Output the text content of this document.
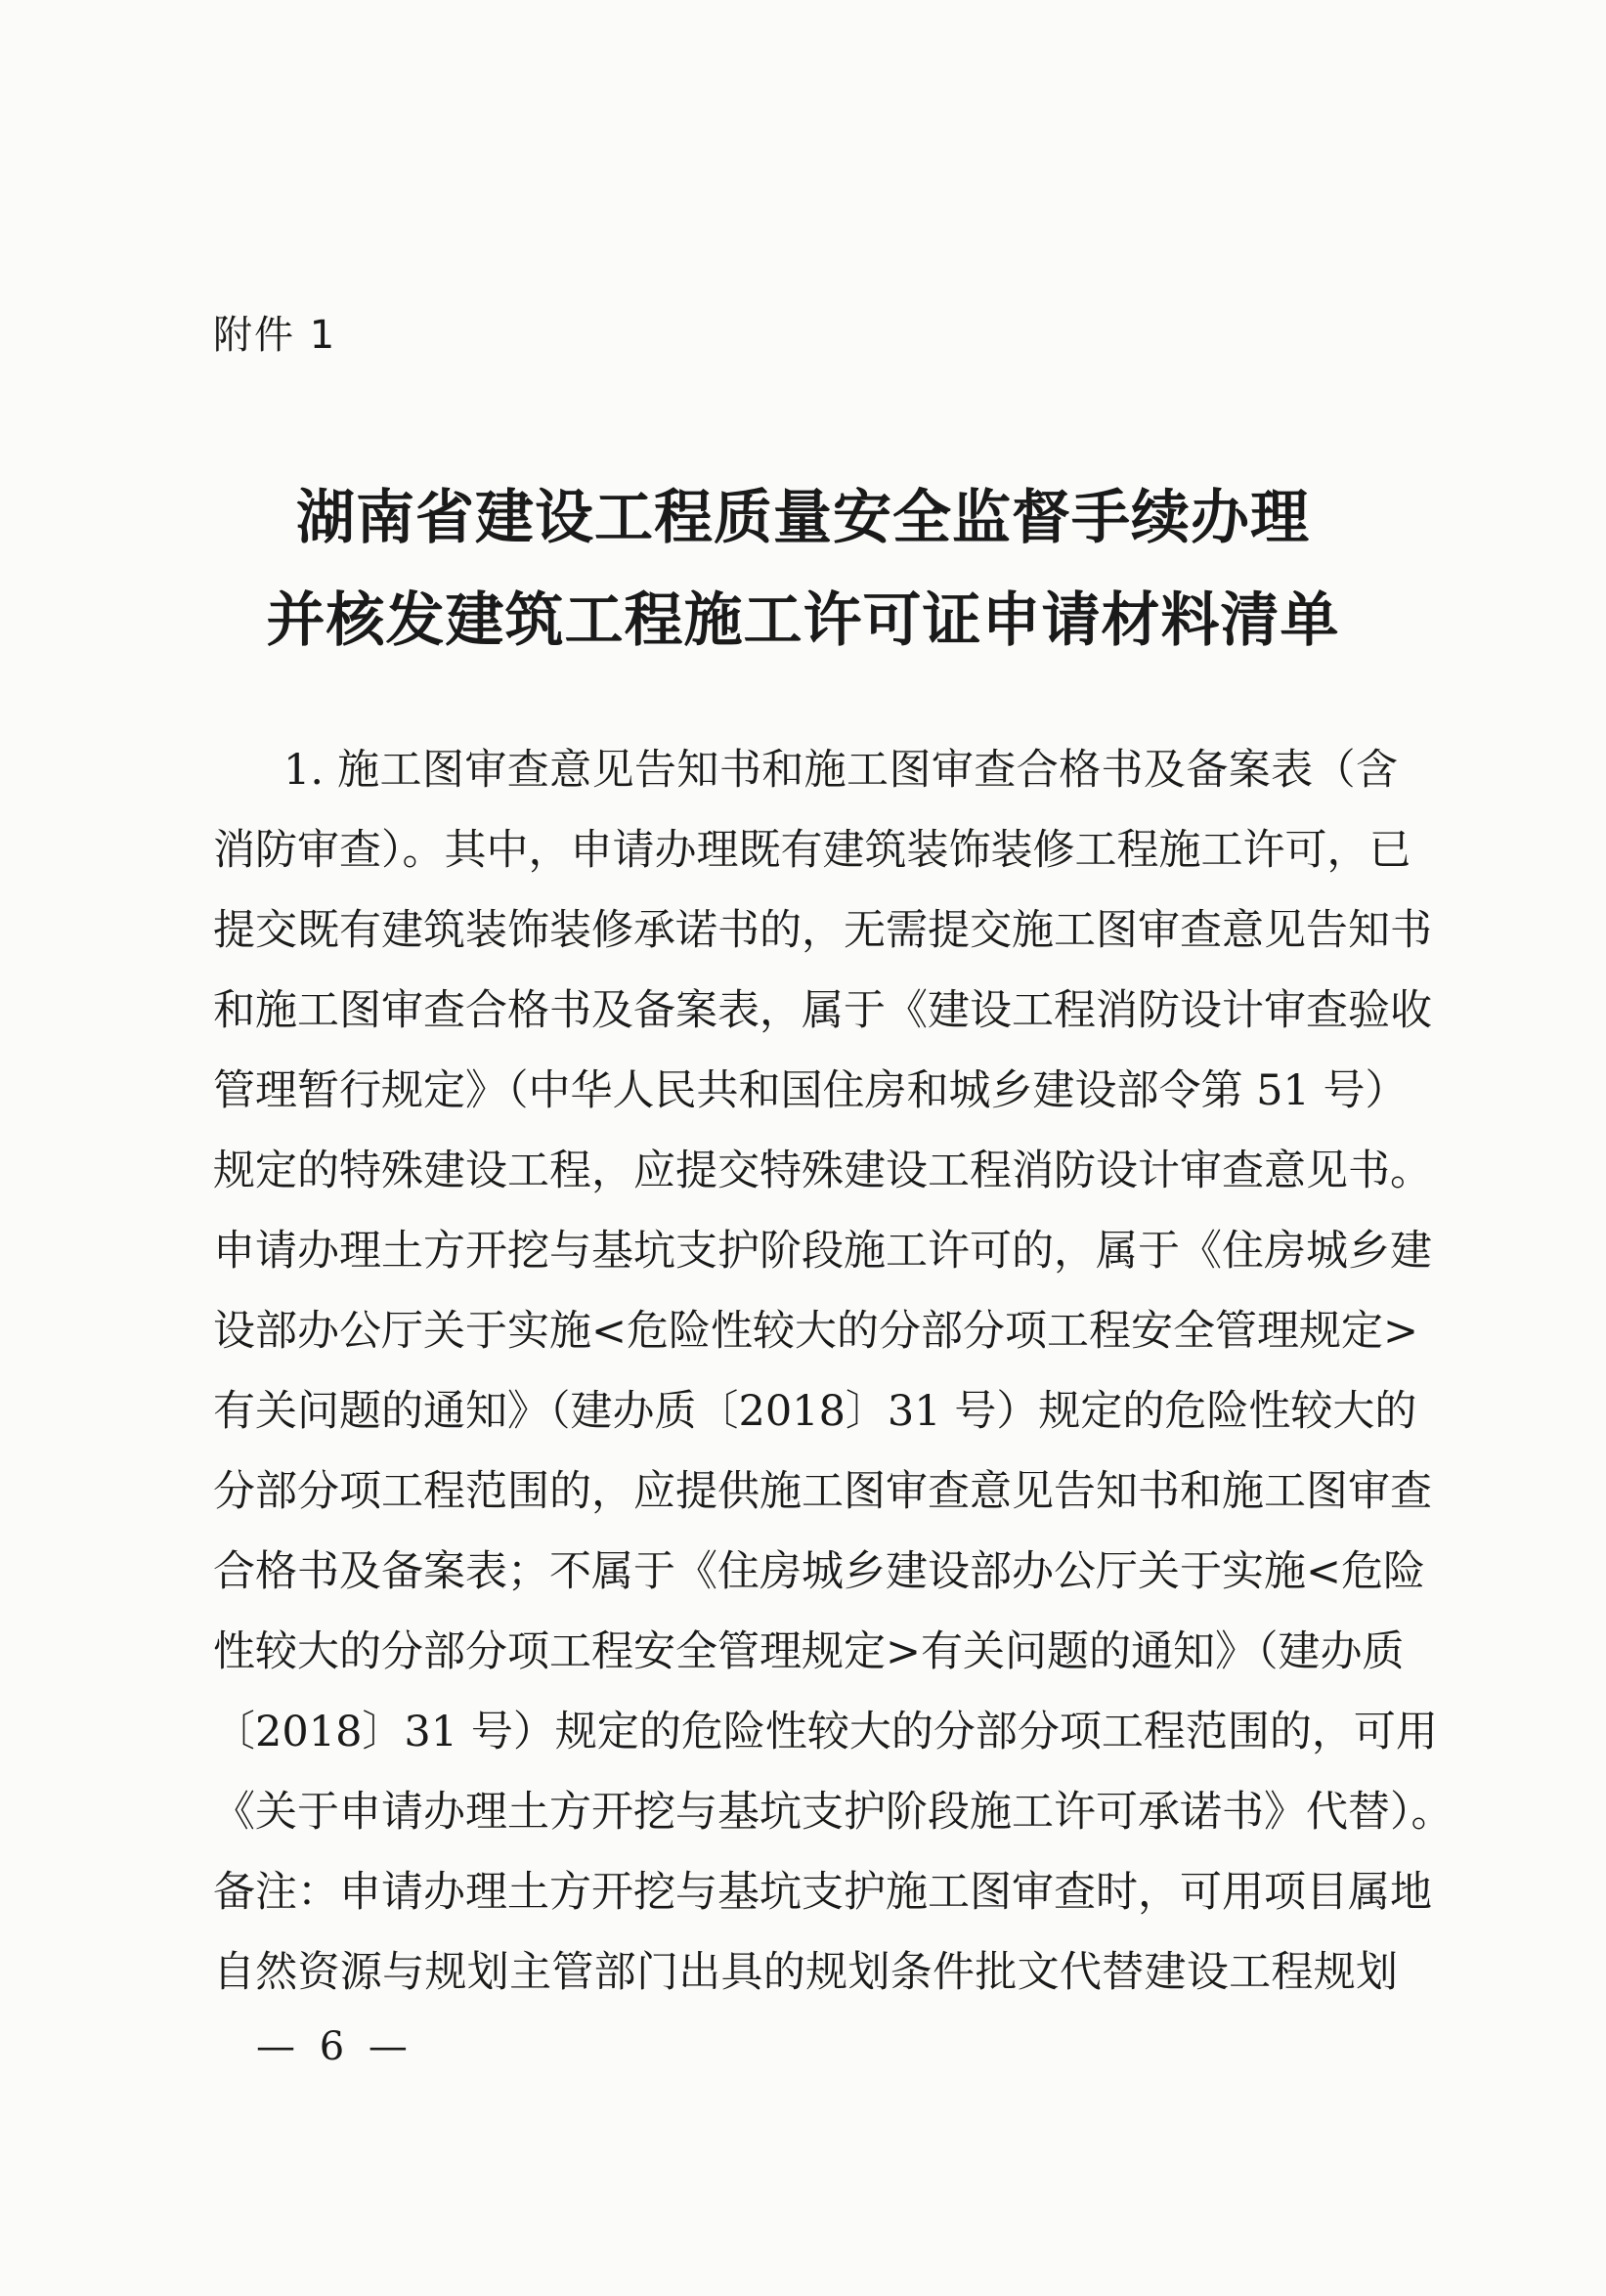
附件 1
湖南省建设工程质量安全监督手续办理
并核发建筑工程施工许可证申请材料清单
1. 施工图审查意见告知书和施工图审查合格书及备案表（含
消防审查）。其中，申请办理既有建筑装饰装修工程施工许可，已
提交既有建筑装饰装修承诺书的，无需提交施工图审查意见告知书
和施工图审查合格书及备案表，属于《建设工程消防设计审查验收
管理暂行规定》（中华人民共和国住房和城乡建设部令第 51 号）
规定的特殊建设工程，应提交特殊建设工程消防设计审查意见书。
申请办理土方开挖与基坑支护阶段施工许可的，属于《住房城乡建
设部办公厅关于实施<危险性较大的分部分项工程安全管理规定>
有关问题的通知》（建办质〔2018〕31 号）规定的危险性较大的
分部分项工程范围的，应提供施工图审查意见告知书和施工图审查
合格书及备案表；不属于《住房城乡建设部办公厅关于实施<危险
性较大的分部分项工程安全管理规定>有关问题的通知》（建办质
〔2018〕31 号）规定的危险性较大的分部分项工程范围的，可用
《关于申请办理土方开挖与基坑支护阶段施工许可承诺书》代替）。
备注：申请办理土方开挖与基坑支护施工图审查时，可用项目属地
自然资源与规划主管部门出具的规划条件批文代替建设工程规划
— 6 —
